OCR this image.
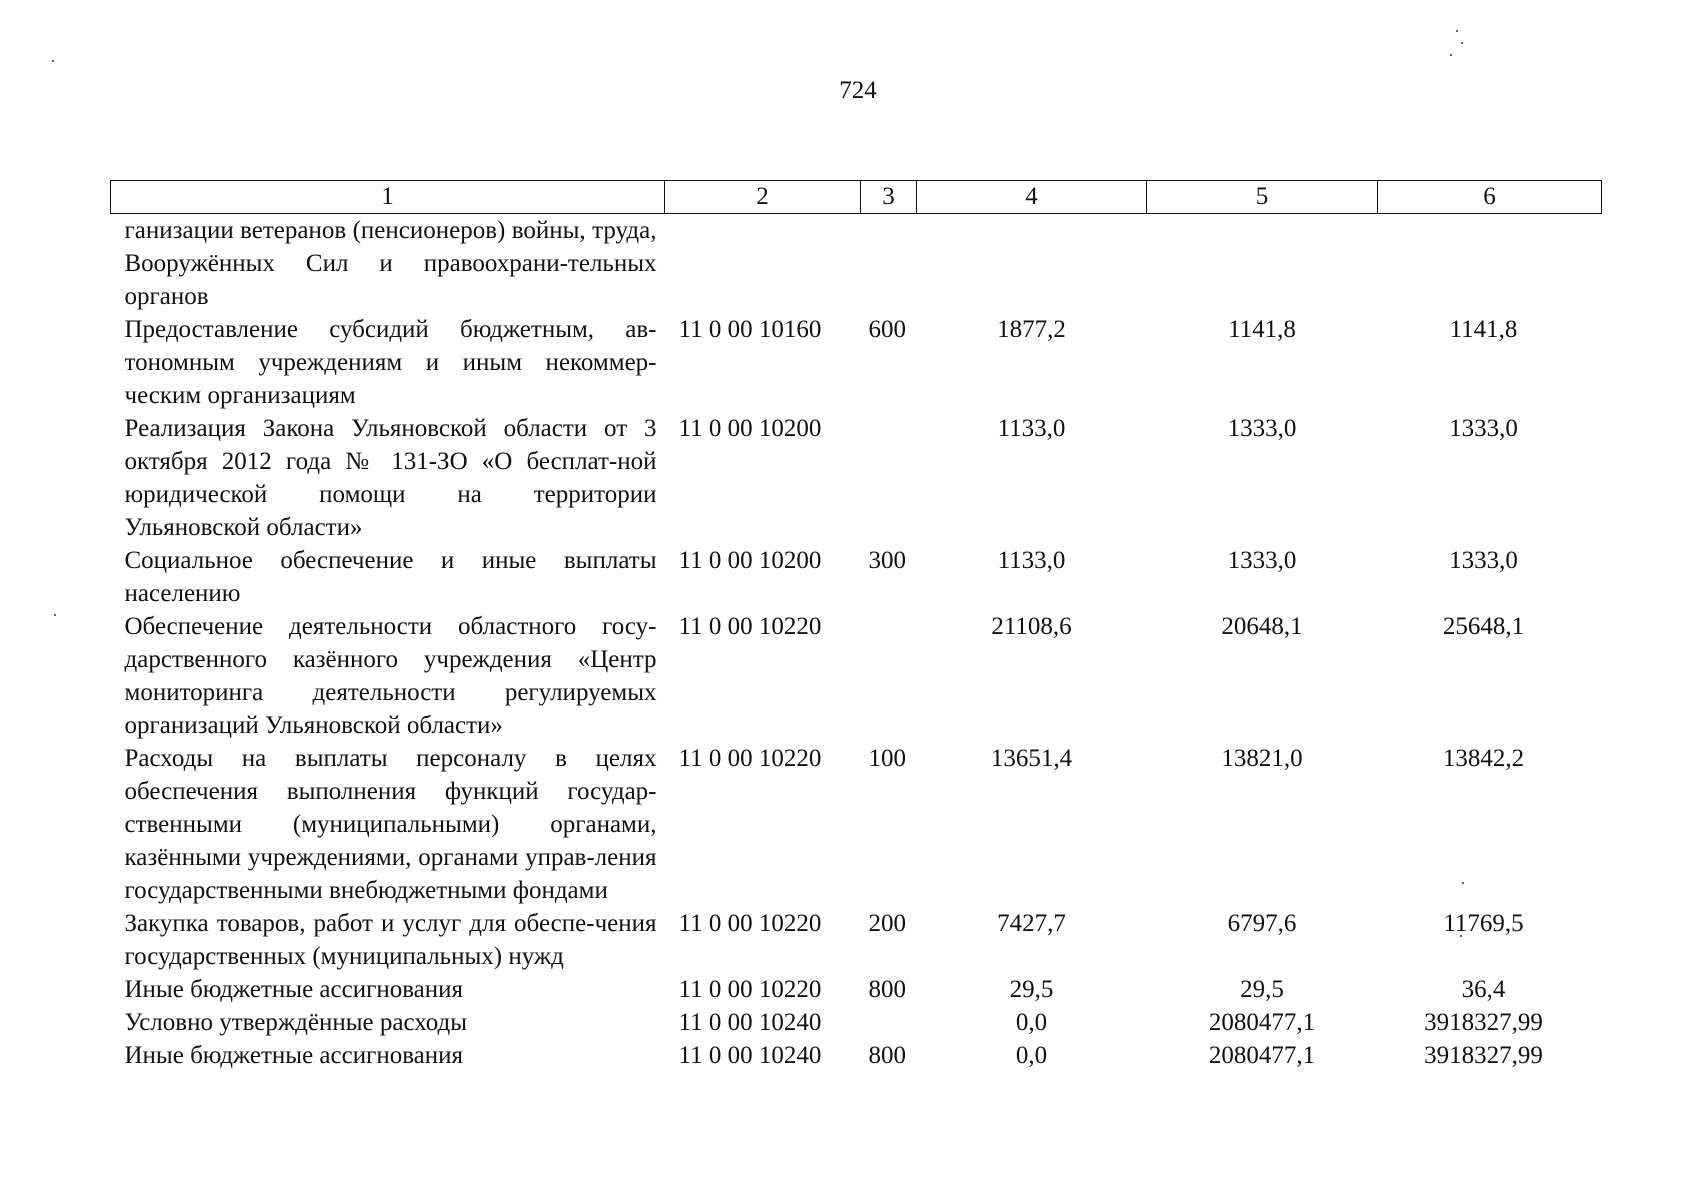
724
1	2	3	4	5	6
ганизации ветеранов (пенсионеров) войны, труда, Вооружённых Сил и правоохрани-тельных органов					
Предоставление субсидий бюджетным, ав-тономным учреждениям и иным некоммер-ческим организациям	11 0 00 10160	600	1877,2	1141,8	1141,8
Реализация Закона Ульяновской области от 3 октября 2012 года № 131-ЗО «О бесплат-ной юридической помощи на территории Ульяновской области»	11 0 00 10200		1133,0	1333,0	1333,0
Социальное обеспечение и иные выплаты населению	11 0 00 10200	300	1133,0	1333,0	1333,0
Обеспечение деятельности областного госу-дарственного казённого учреждения «Центр мониторинга деятельности регулируемых организаций Ульяновской области»	11 0 00 10220		21108,6	20648,1	25648,1
Расходы на выплаты персоналу в целях обеспечения выполнения функций государ-ственными (муниципальными) органами, казёнными учреждениями, органами управ-ления государственными внебюджетными фондами	11 0 00 10220	100	13651,4	13821,0	13842,2
Закупка товаров, работ и услуг для обеспе-чения государственных (муниципальных) нужд	11 0 00 10220	200	7427,7	6797,6	11769,5
Иные бюджетные ассигнования	11 0 00 10220	800	29,5	29,5	36,4
Условно утверждённые расходы	11 0 00 10240		0,0	2080477,1	3918327,99
Иные бюджетные ассигнования	11 0 00 10240	800	0,0	2080477,1	3918327,99
